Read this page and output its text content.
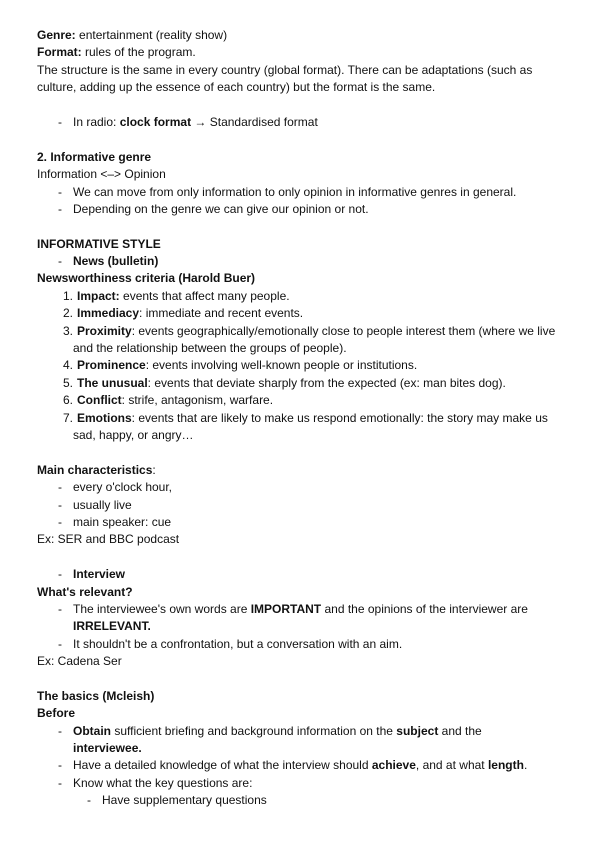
Genre: entertainment (reality show)
Format: rules of the program.
The structure is the same in every country (global format). There can be adaptations (such as
culture, adding up the essence of each country) but the format is the same.
- In radio: clock format → Standardised format
2. Informative genre
Information <–> Opinion
- We can move from only information to only opinion in informative genres in general.
- Depending on the genre we can give our opinion or not.
INFORMATIVE STYLE
- News (bulletin)
Newsworthiness criteria (Harold Buer)
1. Impact: events that affect many people.
2. Immediacy: immediate and recent events.
3. Proximity: events geographically/emotionally close to people interest them (where we live
and the relationship between the groups of people).
4. Prominence: events involving well-known people or institutions.
5. The unusual: events that deviate sharply from the expected (ex: man bites dog).
6. Conflict: strife, antagonism, warfare.
7. Emotions: events that are likely to make us respond emotionally: the story may make us
sad, happy, or angry…
Main characteristics:
- every o'clock hour,
- usually live
- main speaker: cue
Ex: SER and BBC podcast
- Interview
What's relevant?
- The interviewee's own words are IMPORTANT and the opinions of the interviewer are
IRRELEVANT.
- It shouldn't be a confrontation, but a conversation with an aim.
Ex: Cadena Ser
The basics (Mcleish)
Before
- Obtain sufficient briefing and background information on the subject and the
interviewee.
- Have a detailed knowledge of what the interview should achieve, and at what length.
- Know what the key questions are:
- Have supplementary questions
